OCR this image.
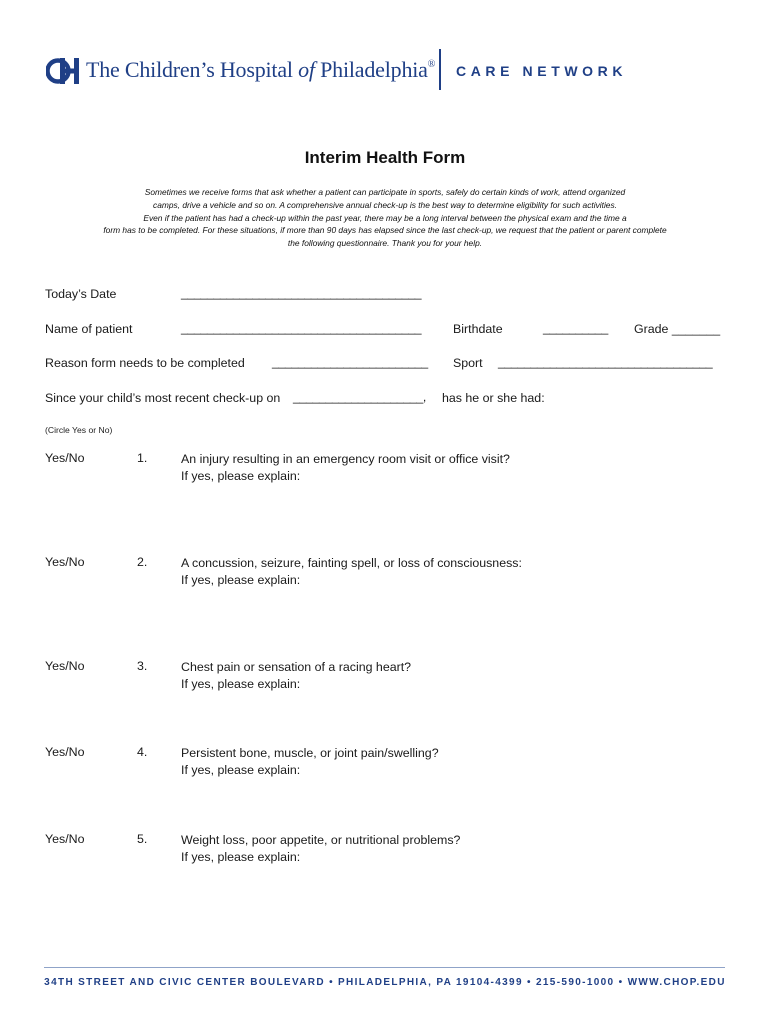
The Children’s Hospital of Philadelphia® CARE NETWORK
Interim Health Form
Sometimes we receive forms that ask whether a patient can participate in sports, safely do certain kinds of work, attend organized
camps, drive a vehicle and so on. A comprehensive annual check-up is the best way to determine eligibility for such activities.
Even if the patient has had a check-up within the past year, there may be a long interval between the physical exam and the time a
form has to be completed. For these situations, if more than 90 days has elapsed since the last check-up, we request that the patient or parent complete
the following questionnaire. Thank you for your help.
Today’s Date	_____________________________________
Name of patient	_____________________________________	Birthdate	__________ Grade _______
Reason form needs to be completed ________________________ Sport _________________________________
Since your child’s most recent check-up on ____________________, has he or she had:
(Circle Yes or No)
Yes/No	1.	An injury resulting in an emergency room visit or office visit?
If yes, please explain:
Yes/No	2.	A concussion, seizure, fainting spell, or loss of consciousness:
If yes, please explain:
Yes/No	3.	Chest pain or sensation of a racing heart?
If yes, please explain:
Yes/No	4.	Persistent bone, muscle, or joint pain/swelling?
If yes, please explain:
Yes/No	5.	Weight loss, poor appetite, or nutritional problems?
If yes, please explain:
34TH STREET AND CIVIC CENTER BOULEVARD • PHILADELPHIA, PA 19104-4399 • 215-590-1000 • WWW.CHOP.EDU
